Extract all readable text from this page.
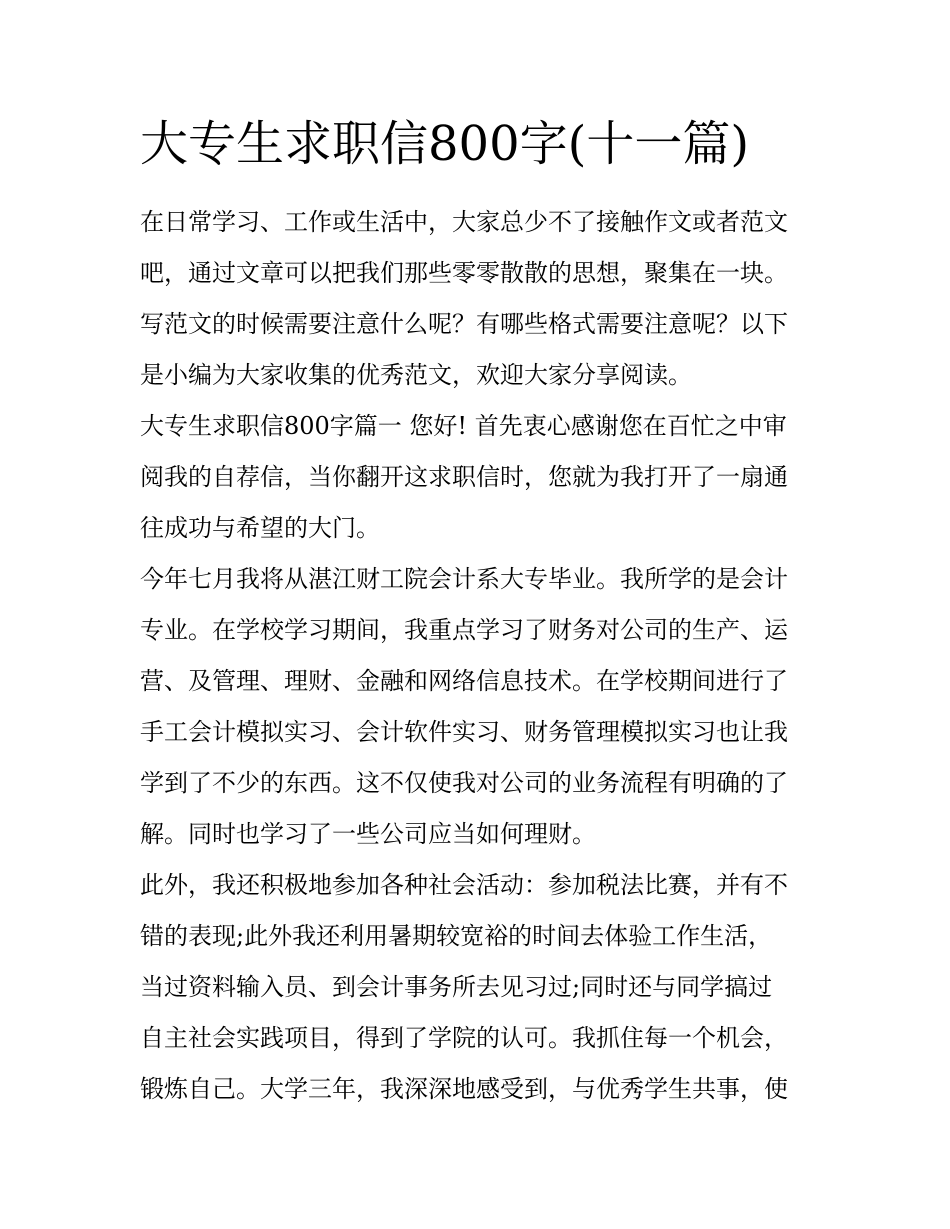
大专生求职信800字(十一篇)

在日常学习、工作或生活中，大家总少不了接触作文或者范文
吧，通过文章可以把我们那些零零散散的思想，聚集在一块。
写范文的时候需要注意什么呢？有哪些格式需要注意呢？以下
是小编为大家收集的优秀范文，欢迎大家分享阅读。

大专生求职信800字篇一 您好! 首先衷心感谢您在百忙之中审
阅我的自荐信，当你翻开这求职信时，您就为我打开了一扇通
往成功与希望的大门。

今年七月我将从湛江财工院会计系大专毕业。我所学的是会计
专业。在学校学习期间，我重点学习了财务对公司的生产、运
营、及管理、理财、金融和网络信息技术。在学校期间进行了
手工会计模拟实习、会计软件实习、财务管理模拟实习也让我
学到了不少的东西。这不仅使我对公司的业务流程有明确的了
解。同时也学习了一些公司应当如何理财。

此外，我还积极地参加各种社会活动：参加税法比赛，并有不
错的表现;此外我还利用暑期较宽裕的时间去体验工作生活，
当过资料输入员、到会计事务所去见习过;同时还与同学搞过
自主社会实践项目，得到了学院的认可。我抓住每一个机会，
锻炼自己。大学三年，我深深地感受到，与优秀学生共事，使
